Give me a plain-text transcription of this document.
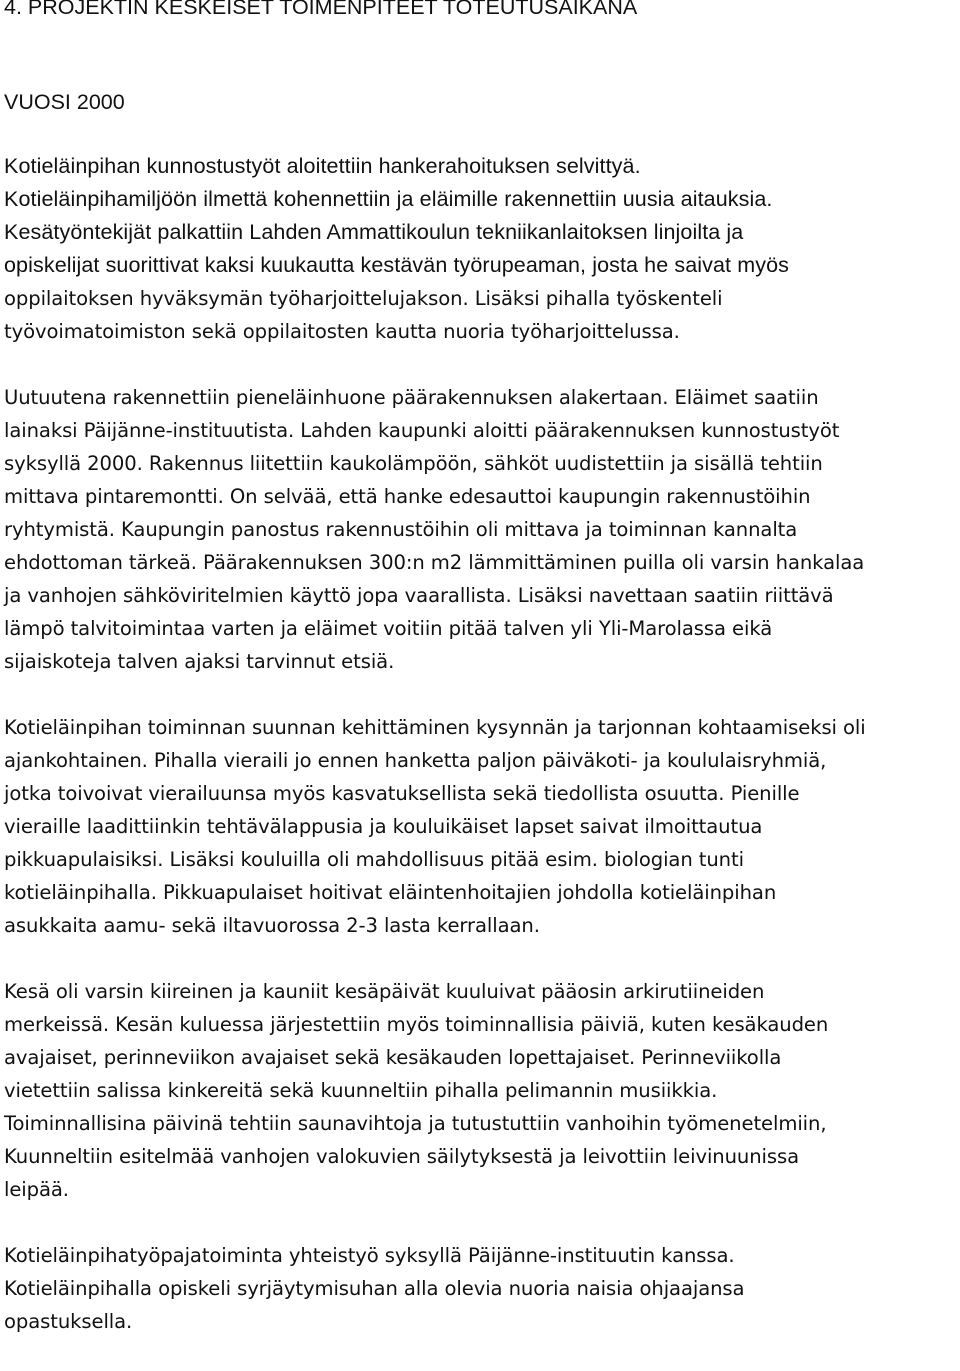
4. PROJEKTIN KESKEISET TOIMENPITEET TOTEUTUSAIKANA
VUOSI 2000
Kotieläinpihan kunnostustyöt aloitettiin hankerahoituksen selvittyä.
Kotieläinpihamiljöön ilmettä kohennettiin ja eläimille rakennettiin uusia aitauksia.
Kesätyöntekijät palkattiin Lahden Ammattikoulun tekniikanlaitoksen linjoilta ja
opiskelijat suorittivat kaksi kuukautta kestävän työrupeaman, josta he saivat myös
oppilaitoksen hyväksymän työharjoittelujakson. Lisäksi pihalla työskenteli
työvoimatoimiston sekä oppilaitosten kautta nuoria työharjoittelussa.
Uutuutena rakennettiin pieneläinhuone päärakennuksen alakertaan. Eläimet saatiin
lainaksi Päijänne-instituutista. Lahden kaupunki aloitti päärakennuksen kunnostustyöt
syksyllä 2000. Rakennus liitettiin kaukolämpöön, sähköt uudistettiin ja sisällä tehtiin
mittava pintaremontti. On selvää, että hanke edesauttoi kaupungin rakennustöihin
ryhtymistä. Kaupungin panostus rakennustöihin oli mittava ja toiminnan kannalta
ehdottoman tärkeä. Päärakennuksen 300:n m2 lämmittäminen puilla oli varsin hankalaa
ja vanhojen sähköviritelmien käyttö jopa vaarallista. Lisäksi navettaan saatiin riittävä
lämpö talvitoimintaa varten ja eläimet voitiin pitää talven yli Yli-Marolassa eikä
sijaiskoteja talven ajaksi tarvinnut etsiä.
Kotieläinpihan toiminnan suunnan kehittäminen kysynnän ja tarjonnan kohtaamiseksi oli
ajankohtainen. Pihalla vieraili jo ennen hanketta paljon päiväkoti- ja koululaisryhmiä,
jotka toivoivat vierailuunsa myös kasvatuksellista sekä tiedollista osuutta. Pienille
vieraille laadittiinkin tehtävälappusia ja kouluikäiset lapset saivat ilmoittautua
pikkuapulaisiksi. Lisäksi kouluilla oli mahdollisuus pitää esim. biologian tunti
kotieläinpihalla. Pikkuapulaiset hoitivat eläintenhoitajien johdolla kotieläinpihan
asukkaita aamu- sekä iltavuorossa 2-3 lasta kerrallaan.
Kesä oli varsin kiireinen ja kauniit kesäpäivät kuuluivat pääosin arkirutiineiden
merkeissä. Kesän kuluessa järjestettiin myös toiminnallisia päiviä, kuten kesäkauden
avajaiset, perinneviikon avajaiset sekä kesäkauden lopettajaiset. Perinneviikolla
vietettiin salissa kinkereitä sekä kuunneltiin pihalla pelimannin musiikkia.
Toiminnallisina päivinä tehtiin saunavihtoja ja tutustuttiin vanhoihin työmenetelmiin,
Kuunneltiin esitelmää vanhojen valokuvien säilytyksestä ja leivottiin leivinuunissa
leipää.
Kotieläinpihatyöpajatoiminta yhteistyö syksyllä Päijänne-instituutin kanssa.
Kotieläinpihalla opiskeli syrjäytymisuhan alla olevia nuoria naisia ohjaajansa
opastuksella.
